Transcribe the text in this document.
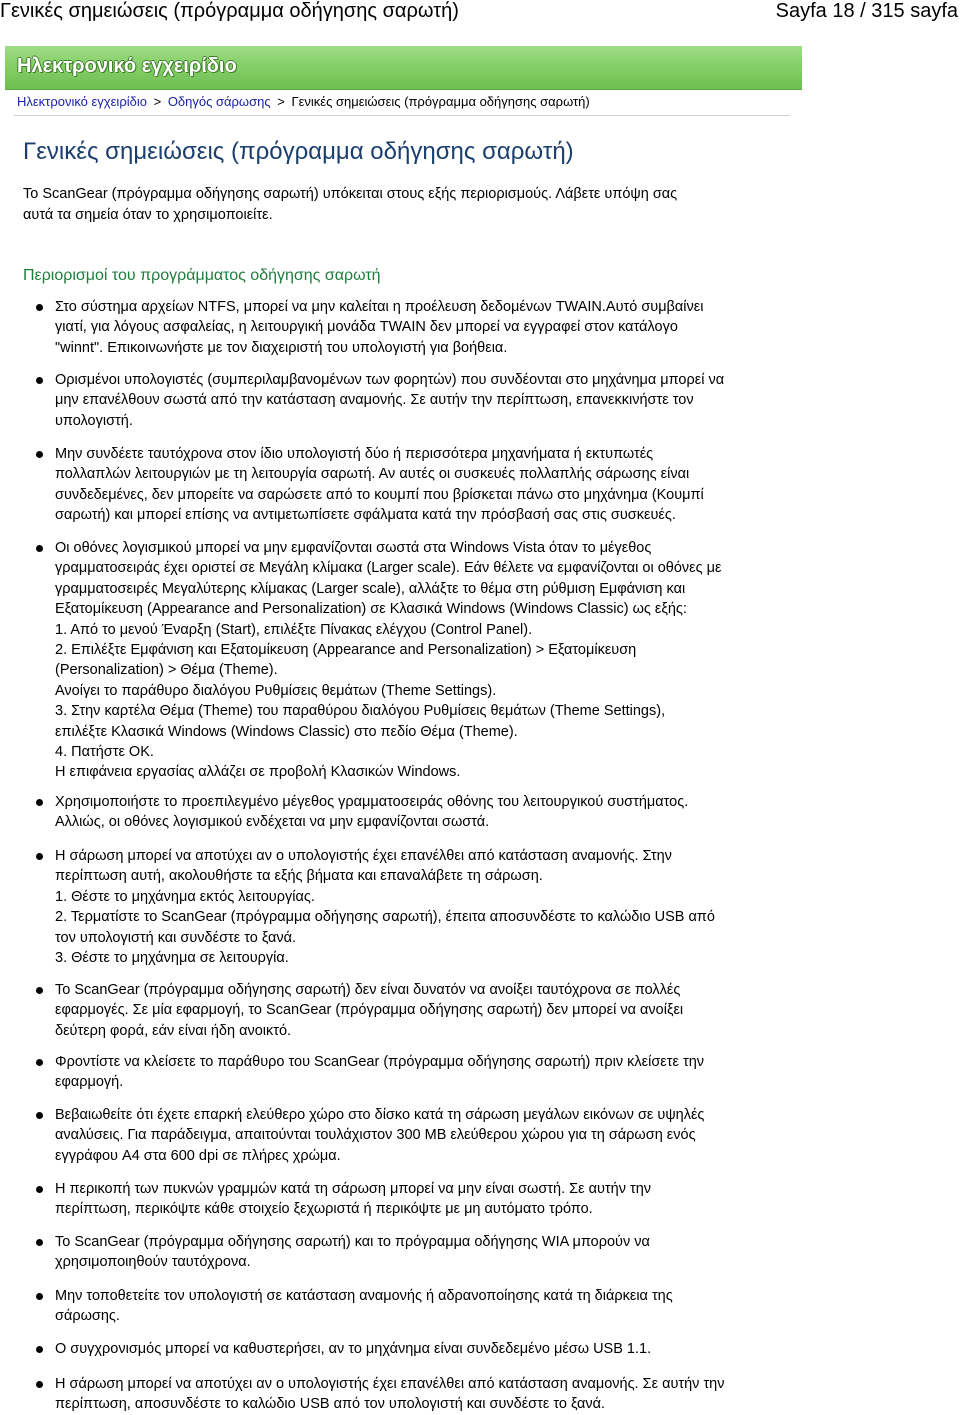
Γενικές σημειώσεις (πρόγραμμα οδήγησης σαρωτή)	Sayfa 18 / 315 sayfa
Ηλεκτρονικό εγχειρίδιο
Ηλεκτρονικό εγχειρίδιο > Οδηγός σάρωσης > Γενικές σημειώσεις (πρόγραμμα οδήγησης σαρωτή)
Γενικές σημειώσεις (πρόγραμμα οδήγησης σαρωτή)

Το ScanGear (πρόγραμμα οδήγησης σαρωτή) υπόκειται στους εξής περιορισμούς. Λάβετε υπόψη σας
αυτά τα σημεία όταν το χρησιμοποιείτε.

Περιορισμοί του προγράμματος οδήγησης σαρωτή
Στο σύστημα αρχείων NTFS, μπορεί να μην καλείται η προέλευση δεδομένων TWAIN.Αυτό συμβαίνει
γιατί, για λόγους ασφαλείας, η λειτουργική μονάδα TWAIN δεν μπορεί να εγγραφεί στον κατάλογο
"winnt". Επικοινωνήστε με τον διαχειριστή του υπολογιστή για βοήθεια.
Ορισμένοι υπολογιστές (συμπεριλαμβανομένων των φορητών) που συνδέονται στο μηχάνημα μπορεί να
μην επανέλθουν σωστά από την κατάσταση αναμονής. Σε αυτήν την περίπτωση, επανεκκινήστε τον
υπολογιστή.
Μην συνδέετε ταυτόχρονα στον ίδιο υπολογιστή δύο ή περισσότερα μηχανήματα ή εκτυπωτές
πολλαπλών λειτουργιών με τη λειτουργία σαρωτή. Αν αυτές οι συσκευές πολλαπλής σάρωσης είναι
συνδεδεμένες, δεν μπορείτε να σαρώσετε από το κουμπί που βρίσκεται πάνω στο μηχάνημα (Κουμπί
σαρωτή) και μπορεί επίσης να αντιμετωπίσετε σφάλματα κατά την πρόσβασή σας στις συσκευές.
Οι οθόνες λογισμικού μπορεί να μην εμφανίζονται σωστά στα Windows Vista όταν το μέγεθος
γραμματοσειράς έχει οριστεί σε Μεγάλη κλίμακα (Larger scale). Εάν θέλετε να εμφανίζονται οι οθόνες με
γραμματοσειρές Μεγαλύτερης κλίμακας (Larger scale), αλλάξτε το θέμα στη ρύθμιση Εμφάνιση και
Εξατομίκευση (Appearance and Personalization) σε Κλασικά Windows (Windows Classic) ως εξής:
1. Από το μενού Έναρξη (Start), επιλέξτε Πίνακας ελέγχου (Control Panel).
2. Επιλέξτε Εμφάνιση και Εξατομίκευση (Appearance and Personalization) > Εξατομίκευση
(Personalization) > Θέμα (Theme).
Ανοίγει το παράθυρο διαλόγου Ρυθμίσεις θεμάτων (Theme Settings).
3. Στην καρτέλα Θέμα (Theme) του παραθύρου διαλόγου Ρυθμίσεις θεμάτων (Theme Settings),
επιλέξτε Κλασικά Windows (Windows Classic) στο πεδίο Θέμα (Theme).
4. Πατήστε OK.
Η επιφάνεια εργασίας αλλάζει σε προβολή Κλασικών Windows.
Χρησιμοποιήστε το προεπιλεγμένο μέγεθος γραμματοσειράς οθόνης του λειτουργικού συστήματος.
Αλλιώς, οι οθόνες λογισμικού ενδέχεται να μην εμφανίζονται σωστά.
Η σάρωση μπορεί να αποτύχει αν ο υπολογιστής έχει επανέλθει από κατάσταση αναμονής. Στην
περίπτωση αυτή, ακολουθήστε τα εξής βήματα και επαναλάβετε τη σάρωση.
1. Θέστε το μηχάνημα εκτός λειτουργίας.
2. Τερματίστε το ScanGear (πρόγραμμα οδήγησης σαρωτή), έπειτα αποσυνδέστε το καλώδιο USB από
τον υπολογιστή και συνδέστε το ξανά.
3. Θέστε το μηχάνημα σε λειτουργία.
Το ScanGear (πρόγραμμα οδήγησης σαρωτή) δεν είναι δυνατόν να ανοίξει ταυτόχρονα σε πολλές
εφαρμογές. Σε μία εφαρμογή, το ScanGear (πρόγραμμα οδήγησης σαρωτή) δεν μπορεί να ανοίξει
δεύτερη φορά, εάν είναι ήδη ανοικτό.
Φροντίστε να κλείσετε το παράθυρο του ScanGear (πρόγραμμα οδήγησης σαρωτή) πριν κλείσετε την
εφαρμογή.
Βεβαιωθείτε ότι έχετε επαρκή ελεύθερο χώρο στο δίσκο κατά τη σάρωση μεγάλων εικόνων σε υψηλές
αναλύσεις. Για παράδειγμα, απαιτούνται τουλάχιστον 300 MB ελεύθερου χώρου για τη σάρωση ενός
εγγράφου A4 στα 600 dpi σε πλήρες χρώμα.
Η περικοπή των πυκνών γραμμών κατά τη σάρωση μπορεί να μην είναι σωστή. Σε αυτήν την
περίπτωση, περικόψτε κάθε στοιχείο ξεχωριστά ή περικόψτε με μη αυτόματο τρόπο.
Το ScanGear (πρόγραμμα οδήγησης σαρωτή) και το πρόγραμμα οδήγησης WIA μπορούν να
χρησιμοποιηθούν ταυτόχρονα.
Μην τοποθετείτε τον υπολογιστή σε κατάσταση αναμονής ή αδρανοποίησης κατά τη διάρκεια της
σάρωσης.
Ο συγχρονισμός μπορεί να καθυστερήσει, αν το μηχάνημα είναι συνδεδεμένο μέσω USB 1.1.
Η σάρωση μπορεί να αποτύχει αν ο υπολογιστής έχει επανέλθει από κατάσταση αναμονής. Σε αυτήν την
περίπτωση, αποσυνδέστε το καλώδιο USB από τον υπολογιστή και συνδέστε το ξανά.
